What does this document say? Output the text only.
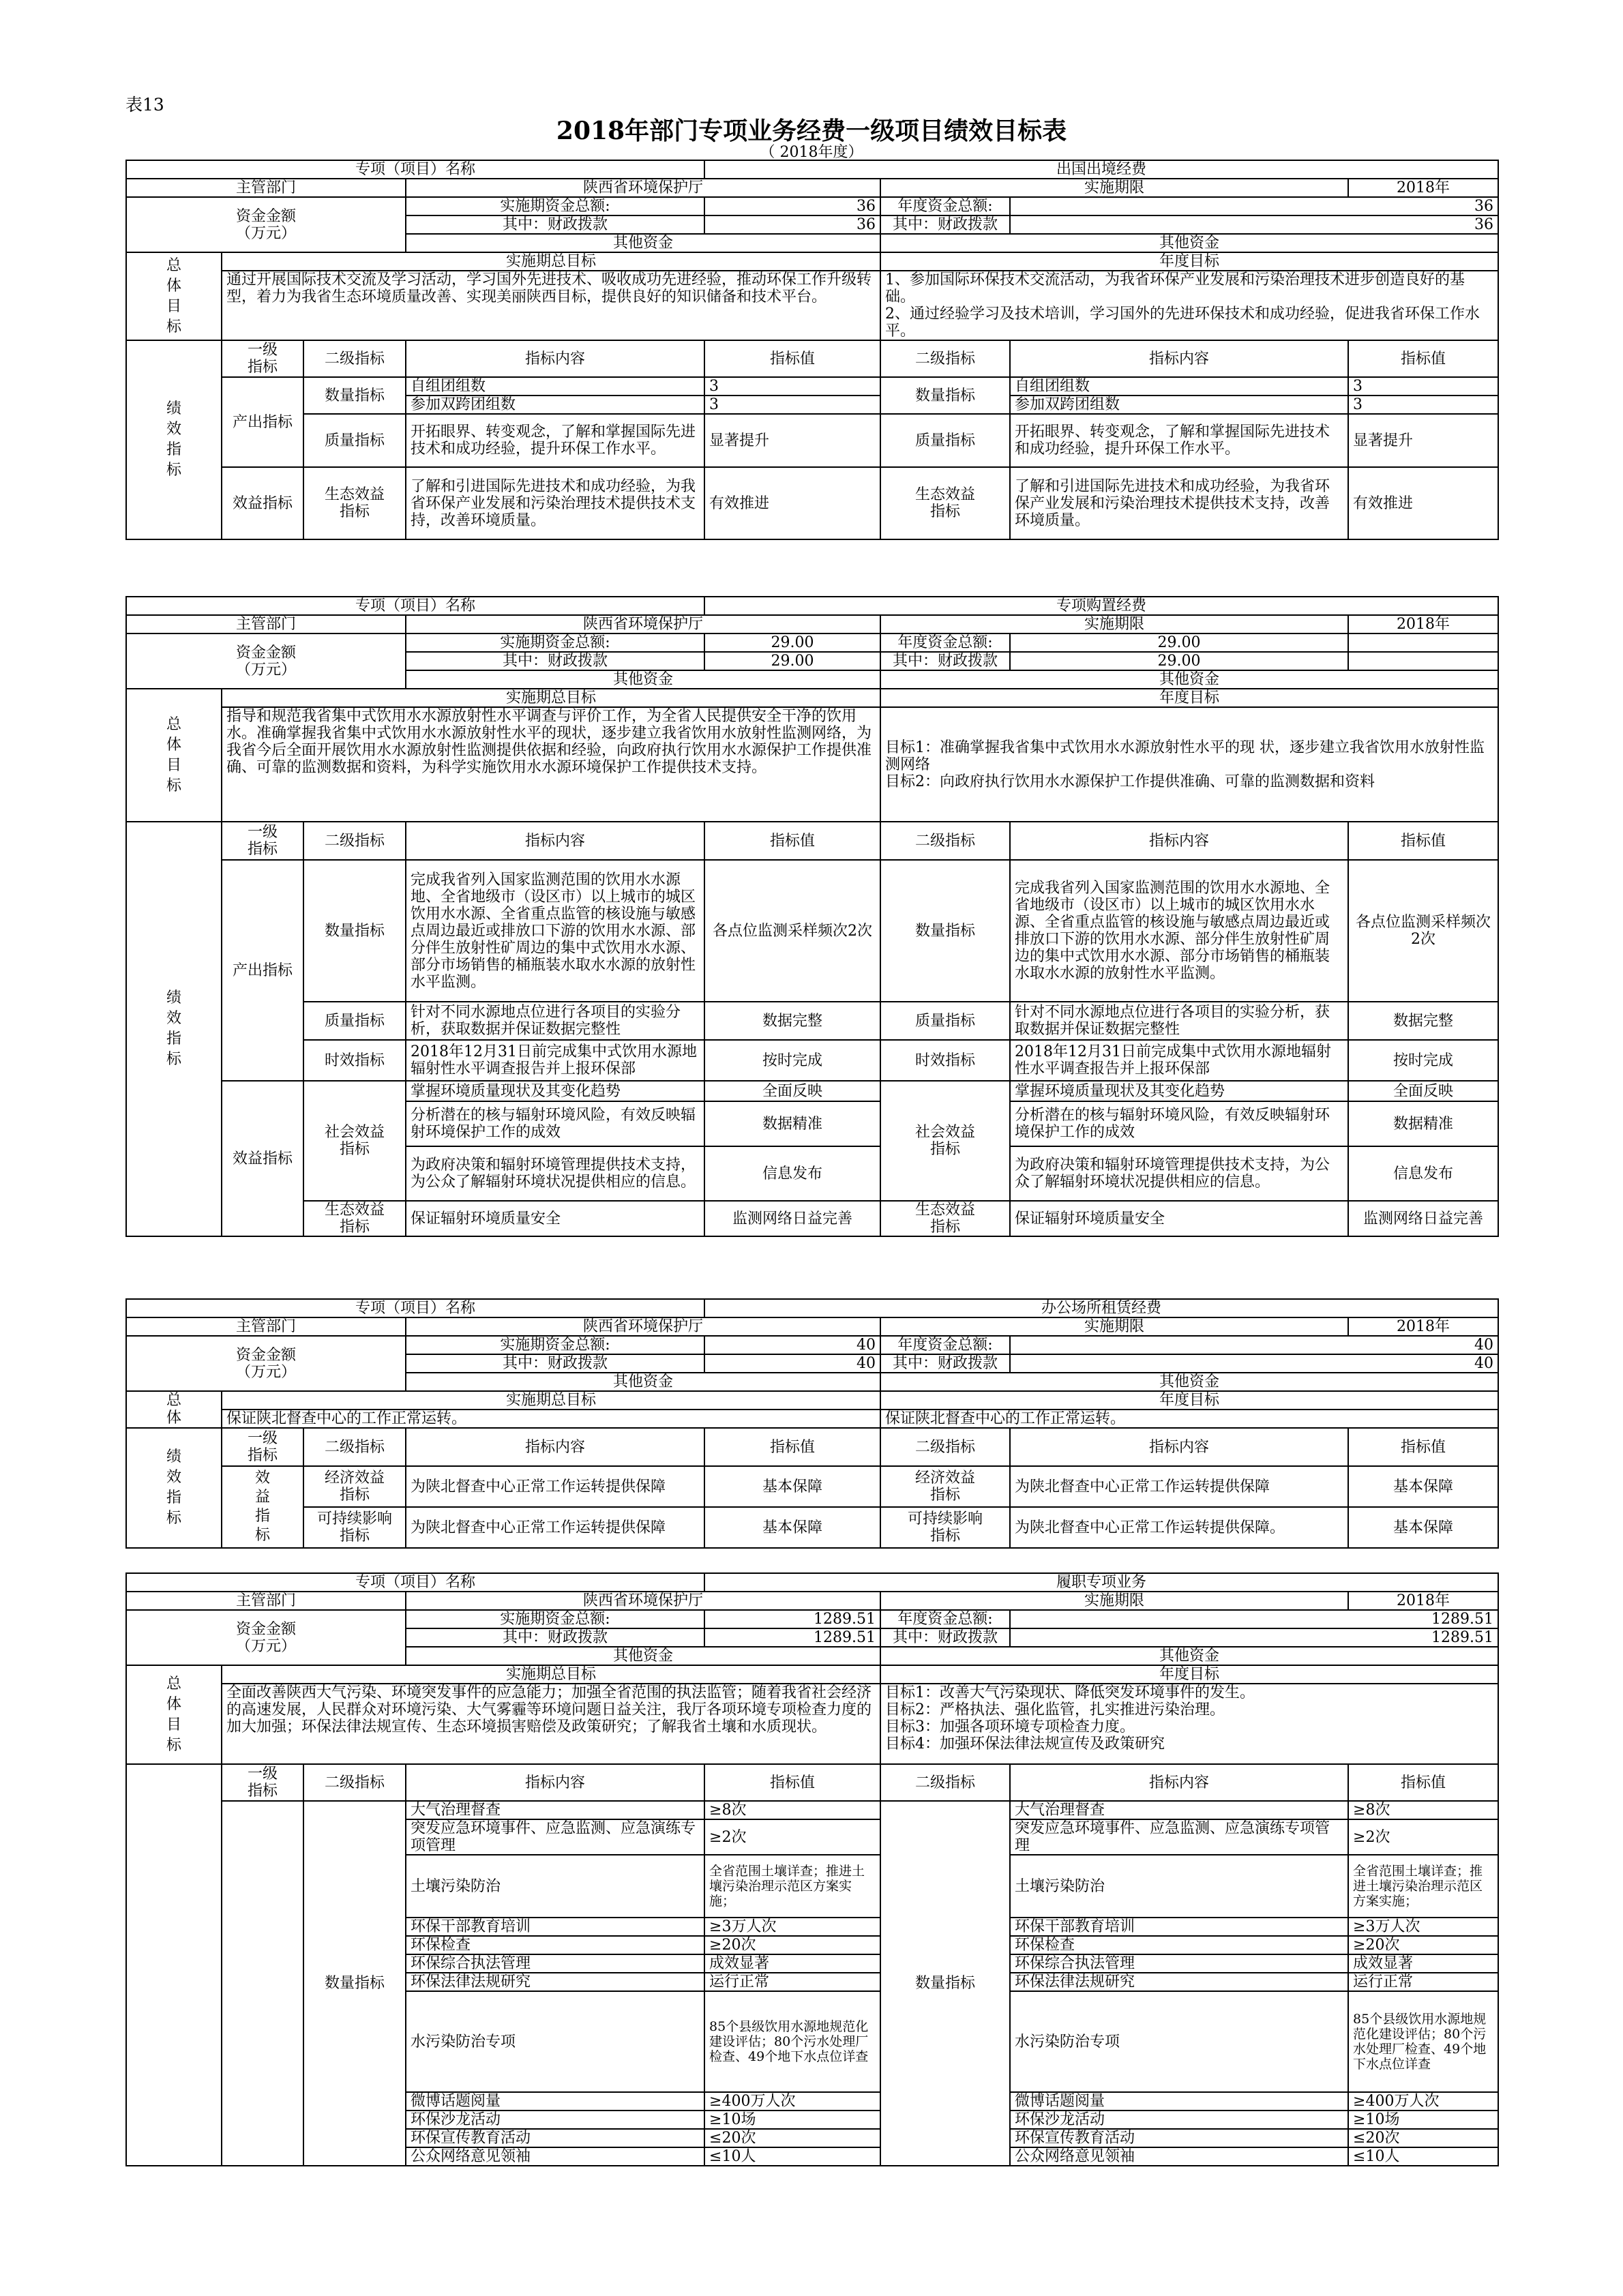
表13
2018年部门专项业务经费一级项目绩效目标表
（ 2018年度）
专项（项目）名称				出国出境经费			
主管部门			陕西省环境保护厅		实施期限		2018年
资金金额
（万元）			实施期资金总额:	36	年度资金总额:	36	
			其中：财政拨款	36	其中：财政拨款	36	
			其他资金		其他资金		
总
体
目
标	实施期总目标				年度目标		
	通过开展国际技术交流及学习活动，学习国外先进技术、吸收成功先进经验，推动环保工作升级转型，着力为我省生态环境质量改善、实现美丽陕西目标，提供良好的知识储备和技术平台。				1、参加国际环保技术交流活动，为我省环保产业发展和污染治理技术进步创造良好的基础。
2、通过经验学习及技术培训，学习国外的先进环保技术和成功经验，促进我省环保工作水平。		
绩
效
指
标	一级
指标	二级指标	指标内容	指标值	二级指标	指标内容	指标值
	产出指标	数量指标	自组团组数	3	数量指标	自组团组数	3
			参加双跨团组数	3		参加双跨团组数	3
		质量指标	开拓眼界、转变观念，了解和掌握国际先进技术和成功经验，提升环保工作水平。	显著提升	质量指标	开拓眼界、转变观念，了解和掌握国际先进技术和成功经验，提升环保工作水平。	显著提升
	效益指标	生态效益
指标	了解和引进国际先进技术和成功经验，为我省环保产业发展和污染治理技术提供技术支持，改善环境质量。	有效推进	生态效益
指标	了解和引进国际先进技术和成功经验，为我省环保产业发展和污染治理技术提供技术支持，改善环境质量。	有效推进
专项（项目）名称				专项购置经费			
主管部门			陕西省环境保护厅		实施期限		2018年
资金金额
（万元）			实施期资金总额:	29.00	年度资金总额:	29.00	
			其中：财政拨款	29.00	其中：财政拨款	29.00	
			其他资金		其他资金		
总
体
目
标	实施期总目标				年度目标		
	指导和规范我省集中式饮用水水源放射性水平调查与评价工作，为全省人民提供安全干净的饮用水。准确掌握我省集中式饮用水水源放射性水平的现状，逐步建立我省饮用水放射性监测网络，为我省今后全面开展饮用水水源放射性监测提供依据和经验，向政府执行饮用水水源保护工作提供准确、可靠的监测数据和资料，为科学实施饮用水水源环境保护工作提供技术支持。				目标1：准确掌握我省集中式饮用水水源放射性水平的现 状，逐步建立我省饮用水放射性监测网络
目标2：向政府执行饮用水水源保护工作提供准确、可靠的监测数据和资料		
绩
效
指
标	一级
指标	二级指标	指标内容	指标值	二级指标	指标内容	指标值
	产出指标	数量指标	完成我省列入国家监测范围的饮用水水源地、全省地级市（设区市）以上城市的城区饮用水水源、全省重点监管的核设施与敏感点周边最近或排放口下游的饮用水水源、部分伴生放射性矿周边的集中式饮用水水源、部分市场销售的桶瓶装水取水水源的放射性水平监测。	各点位监测采样频次2次	数量指标	完成我省列入国家监测范围的饮用水水源地、全省地级市（设区市）以上城市的城区饮用水水源、全省重点监管的核设施与敏感点周边最近或排放口下游的饮用水水源、部分伴生放射性矿周边的集中式饮用水水源、部分市场销售的桶瓶装水取水水源的放射性水平监测。	各点位监测采样频次2次
		质量指标	针对不同水源地点位进行各项目的实验分析，获取数据并保证数据完整性	数据完整	质量指标	针对不同水源地点位进行各项目的实验分析，获取数据并保证数据完整性	数据完整
		时效指标	2018年12月31日前完成集中式饮用水源地辐射性水平调查报告并上报环保部	按时完成	时效指标	2018年12月31日前完成集中式饮用水源地辐射性水平调查报告并上报环保部	按时完成
	效益指标	社会效益
指标	掌握环境质量现状及其变化趋势	全面反映	社会效益
指标	掌握环境质量现状及其变化趋势	全面反映
			分析潜在的核与辐射环境风险，有效反映辐射环境保护工作的成效	数据精准		分析潜在的核与辐射环境风险，有效反映辐射环境保护工作的成效	数据精准
			为政府决策和辐射环境管理提供技术支持，为公众了解辐射环境状况提供相应的信息。	信息发布		为政府决策和辐射环境管理提供技术支持，为公众了解辐射环境状况提供相应的信息。	信息发布
		生态效益
指标	保证辐射环境质量安全	监测网络日益完善	生态效益
指标	保证辐射环境质量安全	监测网络日益完善
专项（项目）名称				办公场所租赁经费			
主管部门			陕西省环境保护厅		实施期限		2018年
资金金额
（万元）			实施期资金总额:	40	年度资金总额:	40	
			其中：财政拨款	40	其中：财政拨款	40	
			其他资金		其他资金		
总
体	实施期总目标				年度目标		
	保证陕北督查中心的工作正常运转。				保证陕北督查中心的工作正常运转。		
绩
效
指
标	一级
指标	二级指标	指标内容	指标值	二级指标	指标内容	指标值
	效
益
指
标	经济效益
指标	为陕北督查中心正常工作运转提供保障	基本保障	经济效益
指标	为陕北督查中心正常工作运转提供保障	基本保障
		可持续影响
指标	为陕北督查中心正常工作运转提供保障	基本保障	可持续影响
指标	为陕北督查中心正常工作运转提供保障。	基本保障
专项（项目）名称				履职专项业务			
主管部门			陕西省环境保护厅		实施期限		2018年
资金金额
（万元）			实施期资金总额:	1289.51	年度资金总额:	1289.51	
			其中：财政拨款	1289.51	其中：财政拨款	1289.51	
			其他资金		其他资金		
总
体
目
标	实施期总目标				年度目标		
	全面改善陕西大气污染、环境突发事件的应急能力；加强全省范围的执法监管；随着我省社会经济的高速发展，人民群众对环境污染、大气雾霾等环境问题日益关注，我厅各项环境专项检查力度的加大加强；环保法律法规宣传、生态环境损害赔偿及政策研究；了解我省土壤和水质现状。				目标1：改善大气污染现状、降低突发环境事件的发生。
目标2：严格执法、强化监管，扎实推进污染治理。
目标3：加强各项环境专项检查力度。
目标4：加强环保法律法规宣传及政策研究		
	一级
指标	二级指标	指标内容	指标值	二级指标	指标内容	指标值
		数量指标	大气治理督查	≥8次	数量指标	大气治理督查	≥8次
			突发应急环境事件、应急监测、应急演练专项管理	≥2次		突发应急环境事件、应急监测、应急演练专项管理	≥2次
			土壤污染防治	全省范围土壤详查；推进土壤污染治理示范区方案实施；		土壤污染防治	全省范围土壤详查；推进土壤污染治理示范区方案实施；
			环保干部教育培训	≥3万人次		环保干部教育培训	≥3万人次
			环保检查	≥20次		环保检查	≥20次
			环保综合执法管理	成效显著		环保综合执法管理	成效显著
			环保法律法规研究	运行正常		环保法律法规研究	运行正常
			水污染防治专项	85个县级饮用水源地规范化建设评估；80个污水处理厂检查、49个地下水点位详查		水污染防治专项	85个县级饮用水源地规范化建设评估；80个污水处理厂检查、49个地下水点位详查
			微博话题阅量	≥400万人次		微博话题阅量	≥400万人次
			环保沙龙活动	≥10场		环保沙龙活动	≥10场
			环保宣传教育活动	≤20次		环保宣传教育活动	≤20次
			公众网络意见领袖	≤10人		公众网络意见领袖	≤10人
